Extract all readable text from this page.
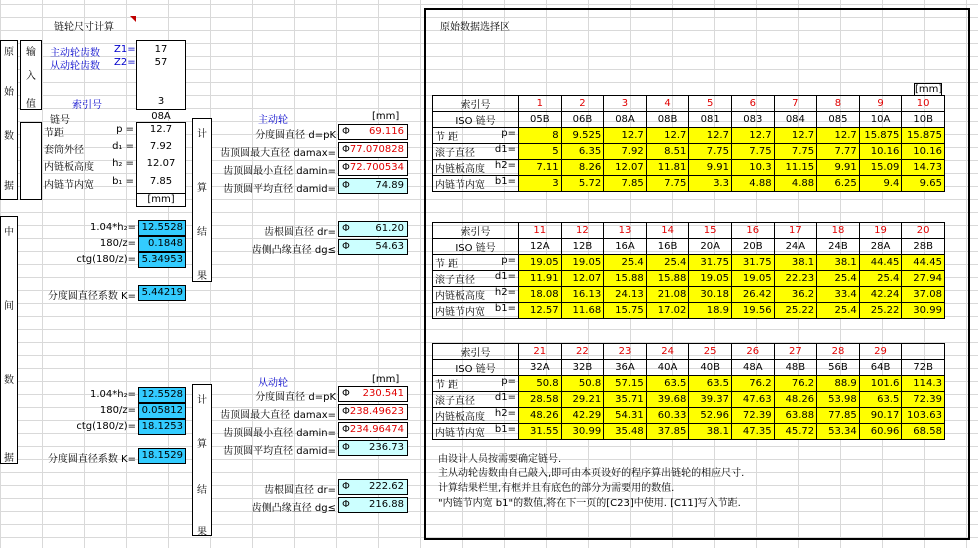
链轮尺寸计算
原
始
数
据
中
间
数
据
输
入
值
主动轮齿数 Z1=
从动轮齿数 Z2=
17
57
索引号	3
链号	08A
节距	p =	12.7
套筒外径	d₁ =	7.92
内链板高度	h₂ =	12.07
内链节内宽	b₁ =	7.85
[mm]
1.04*h₂= 12.5528
180/z=	0.1848
ctg(180/z)= 5.34953
分度圆直径系数 K= 5.44219
1.04*h₂= 12.5528
180/z= 0.05812
ctg(180/z)= 18.1253
分度圆直径系数 K= 18.1529
计
算
结
果
计
算
结
果
主动轮	[mm]
分度圆直径 d=pK Φ 69.116
齿顶圆最大直径 damax= Φ 77.070828
齿顶圆最小直径 damin= Φ 72.700534
齿顶圆平均直径 damid= Φ	74.89
齿根圆直径 dr= Φ	61.20
齿侧凸缘直径 dg≤ Φ	54.63
从动轮	[mm]
分度圆直径 d=pK Φ 230.541
齿顶圆最大直径 damax= Φ 238.49623
齿顶圆最小直径 damin= Φ 234.96474
齿顶圆平均直径 damid= Φ 236.73
齿根圆直径 dr= Φ 222.62
齿侧凸缘直径 dg≤ Φ 216.88
原始数据选择区
[mm]
索引号	1	2	3	4	5	6	7	8	9	10
ISO 链号	05B	06B	08A	08B	081	083	084	085	10A	10B

节 距 p=	8	9.525	12.7	12.7	12.7	12.7	12.7	12.7	15.875	15.875

滚子直径 d1=	5	6.35	7.92	8.51	7.75	7.75	7.75	7.77	10.16	10.16

内链板高度 h2=	7.11	8.26	12.07	11.81	9.91	10.3	11.15	9.91	15.09	14.73

内链节内宽 b1=	3	5.72	7.85	7.75	3.3	4.88	4.88	6.25	9.4	9.65
索引号	11	12	13	14	15	16	17	18	19	20
ISO 链号	12A	12B	16A	16B	20A	20B	24A	24B	28A	28B

节 距 p=	19.05	19.05	25.4	25.4	31.75	31.75	38.1	38.1	44.45	44.45

滚子直径 d1=	11.91	12.07	15.88	15.88	19.05	19.05	22.23	25.4	25.4	27.94

内链板高度 h2=	18.08	16.13	24.13	21.08	30.18	26.42	36.2	33.4	42.24	37.08

内链节内宽 b1=	12.57	11.68	15.75	17.02	18.9	19.56	25.22	25.4	25.22	30.99
索引号	21	22	23	24	25	26	27	28	29	
ISO 链号	32A	32B	36A	40A	40B	48A	48B	56B	64B	72B

节 距 p=	50.8	50.8	57.15	63.5	63.5	76.2	76.2	88.9	101.6	114.3

滚子直径 d1=	28.58	29.21	35.71	39.68	39.37	47.63	48.26	53.98	63.5	72.39

内链板高度 h2=	48.26	42.29	54.31	60.33	52.96	72.39	63.88	77.85	90.17	103.63

内链节内宽 b1=	31.55	30.99	35.48	37.85	38.1	47.35	45.72	53.34	60.96	68.58
由设计人员按需要确定链号.
主从动轮齿数由自己敲入,即可由本页设好的程序算出链轮的相应尺寸.
计算结果栏里,有框并且有底色的部分为需要用的数值.
"内链节内宽 b1"的数值,将在下一页的[C23]中使用. [C11]写入节距.
